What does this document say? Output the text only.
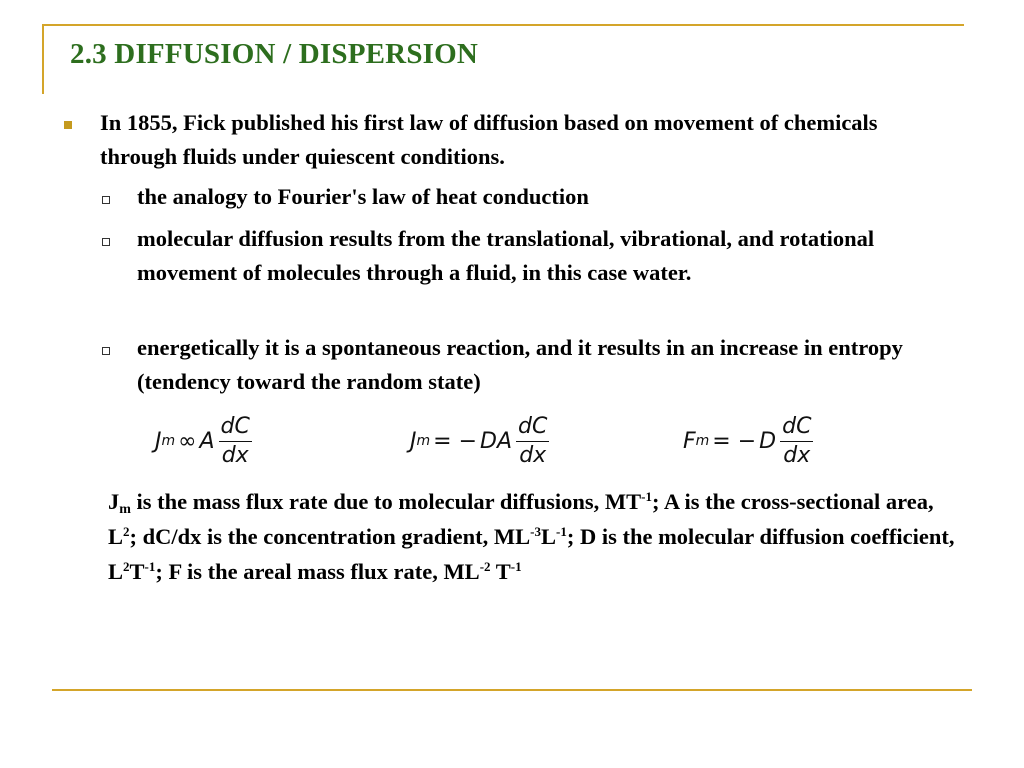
2.3 DIFFUSION / DISPERSION
In 1855, Fick published his first law of diffusion based on movement of chemicals through fluids under quiescent conditions.
the analogy to Fourier's law of heat conduction
molecular diffusion results from the translational, vibrational, and rotational movement of molecules through a fluid, in this case water.
energetically it is a spontaneous reaction, and it results in an increase in entropy (tendency toward the random state)
J m ∞ A $\frac{dC}{dx}$	J m = − DA $\frac{dC}{dx}$	F m = − D $\frac{dC}{dx}$
$J_m$ is the mass flux rate due to molecular diffusions, $MT^{-1}$; A is the cross-sectional area, $L^2$; dC/dx is the concentration gradient, $ML^{-3}L^{-1}$; D is the molecular diffusion coefficient, $L^2T^{-1}$; F is the areal mass flux rate, $ML^{-2}$ $T^{-1}$
